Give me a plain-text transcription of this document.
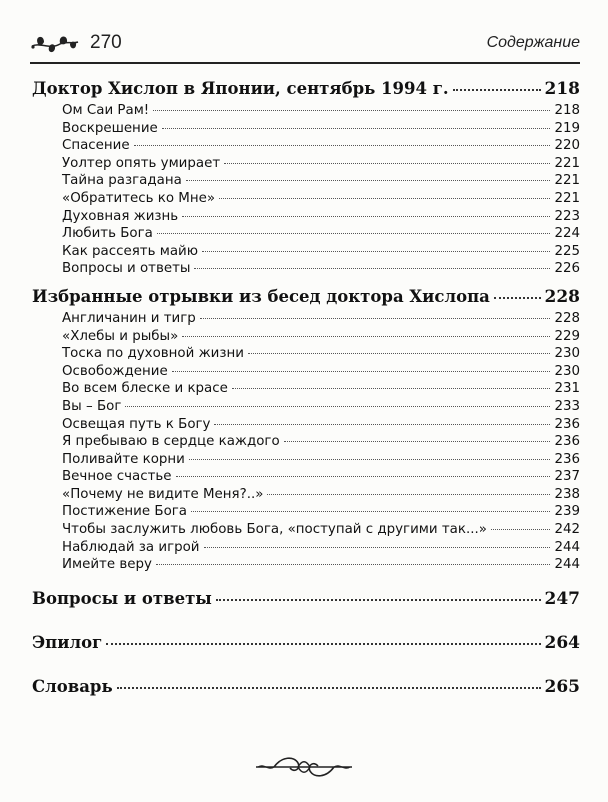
270	Содержание
Доктор Хислоп в Японии, сентябрь 1994 г.	218
Ом Саи Рам!	218
Воскрешение	219
Спасение	220
Уолтер опять умирает	221
Тайна разгадана	221
«Обратитесь ко Мне»	221
Духовная жизнь	223
Любить Бога	224
Как рассеять майю	225
Вопросы и ответы	226
Избранные отрывки из бесед доктора Хислопа	228
Англичанин и тигр	228
«Хлебы и рыбы»	229
Тоска по духовной жизни	230
Освобождение	230
Во всем блеске и красе	231
Вы – Бог	233
Освещая путь к Богу	236
Я пребываю в сердце каждого	236
Поливайте корни	236
Вечное счастье	237
«Почему не видите Меня?..»	238
Постижение Бога	239
Чтобы заслужить любовь Бога, «поступай с другими так...»	242
Наблюдай за игрой	244
Имейте веру	244
Вопросы и ответы	247
Эпилог	264
Словарь	265
